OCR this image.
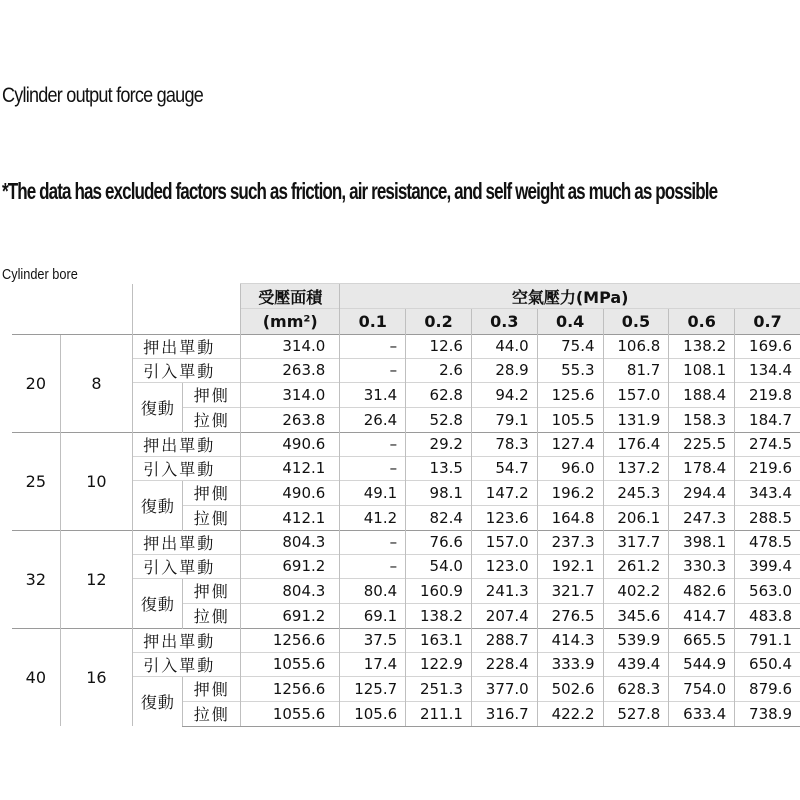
Cylinder output force gauge
*The data has excluded factors such as friction, air resistance, and self weight as much as possible
Cylinder bore
				受壓面積	空氣壓力(MPa)						
				(mm²)	0.1	0.2	0.3	0.4	0.5	0.6	0.7
20	8	押出單動		314.0	–	12.6	44.0	75.4	106.8	138.2	169.6
		引入單動		263.8	–	2.6	28.9	55.3	81.7	108.1	134.4
		復動	押側	314.0	31.4	62.8	94.2	125.6	157.0	188.4	219.8
			拉側	263.8	26.4	52.8	79.1	105.5	131.9	158.3	184.7
25	10	押出單動		490.6	–	29.2	78.3	127.4	176.4	225.5	274.5
		引入單動		412.1	–	13.5	54.7	96.0	137.2	178.4	219.6
		復動	押側	490.6	49.1	98.1	147.2	196.2	245.3	294.4	343.4
			拉側	412.1	41.2	82.4	123.6	164.8	206.1	247.3	288.5
32	12	押出單動		804.3	–	76.6	157.0	237.3	317.7	398.1	478.5
		引入單動		691.2	–	54.0	123.0	192.1	261.2	330.3	399.4
		復動	押側	804.3	80.4	160.9	241.3	321.7	402.2	482.6	563.0
			拉側	691.2	69.1	138.2	207.4	276.5	345.6	414.7	483.8
40	16	押出單動		1256.6	37.5	163.1	288.7	414.3	539.9	665.5	791.1
		引入單動		1055.6	17.4	122.9	228.4	333.9	439.4	544.9	650.4
		復動	押側	1256.6	125.7	251.3	377.0	502.6	628.3	754.0	879.6
			拉側	1055.6	105.6	211.1	316.7	422.2	527.8	633.4	738.9
